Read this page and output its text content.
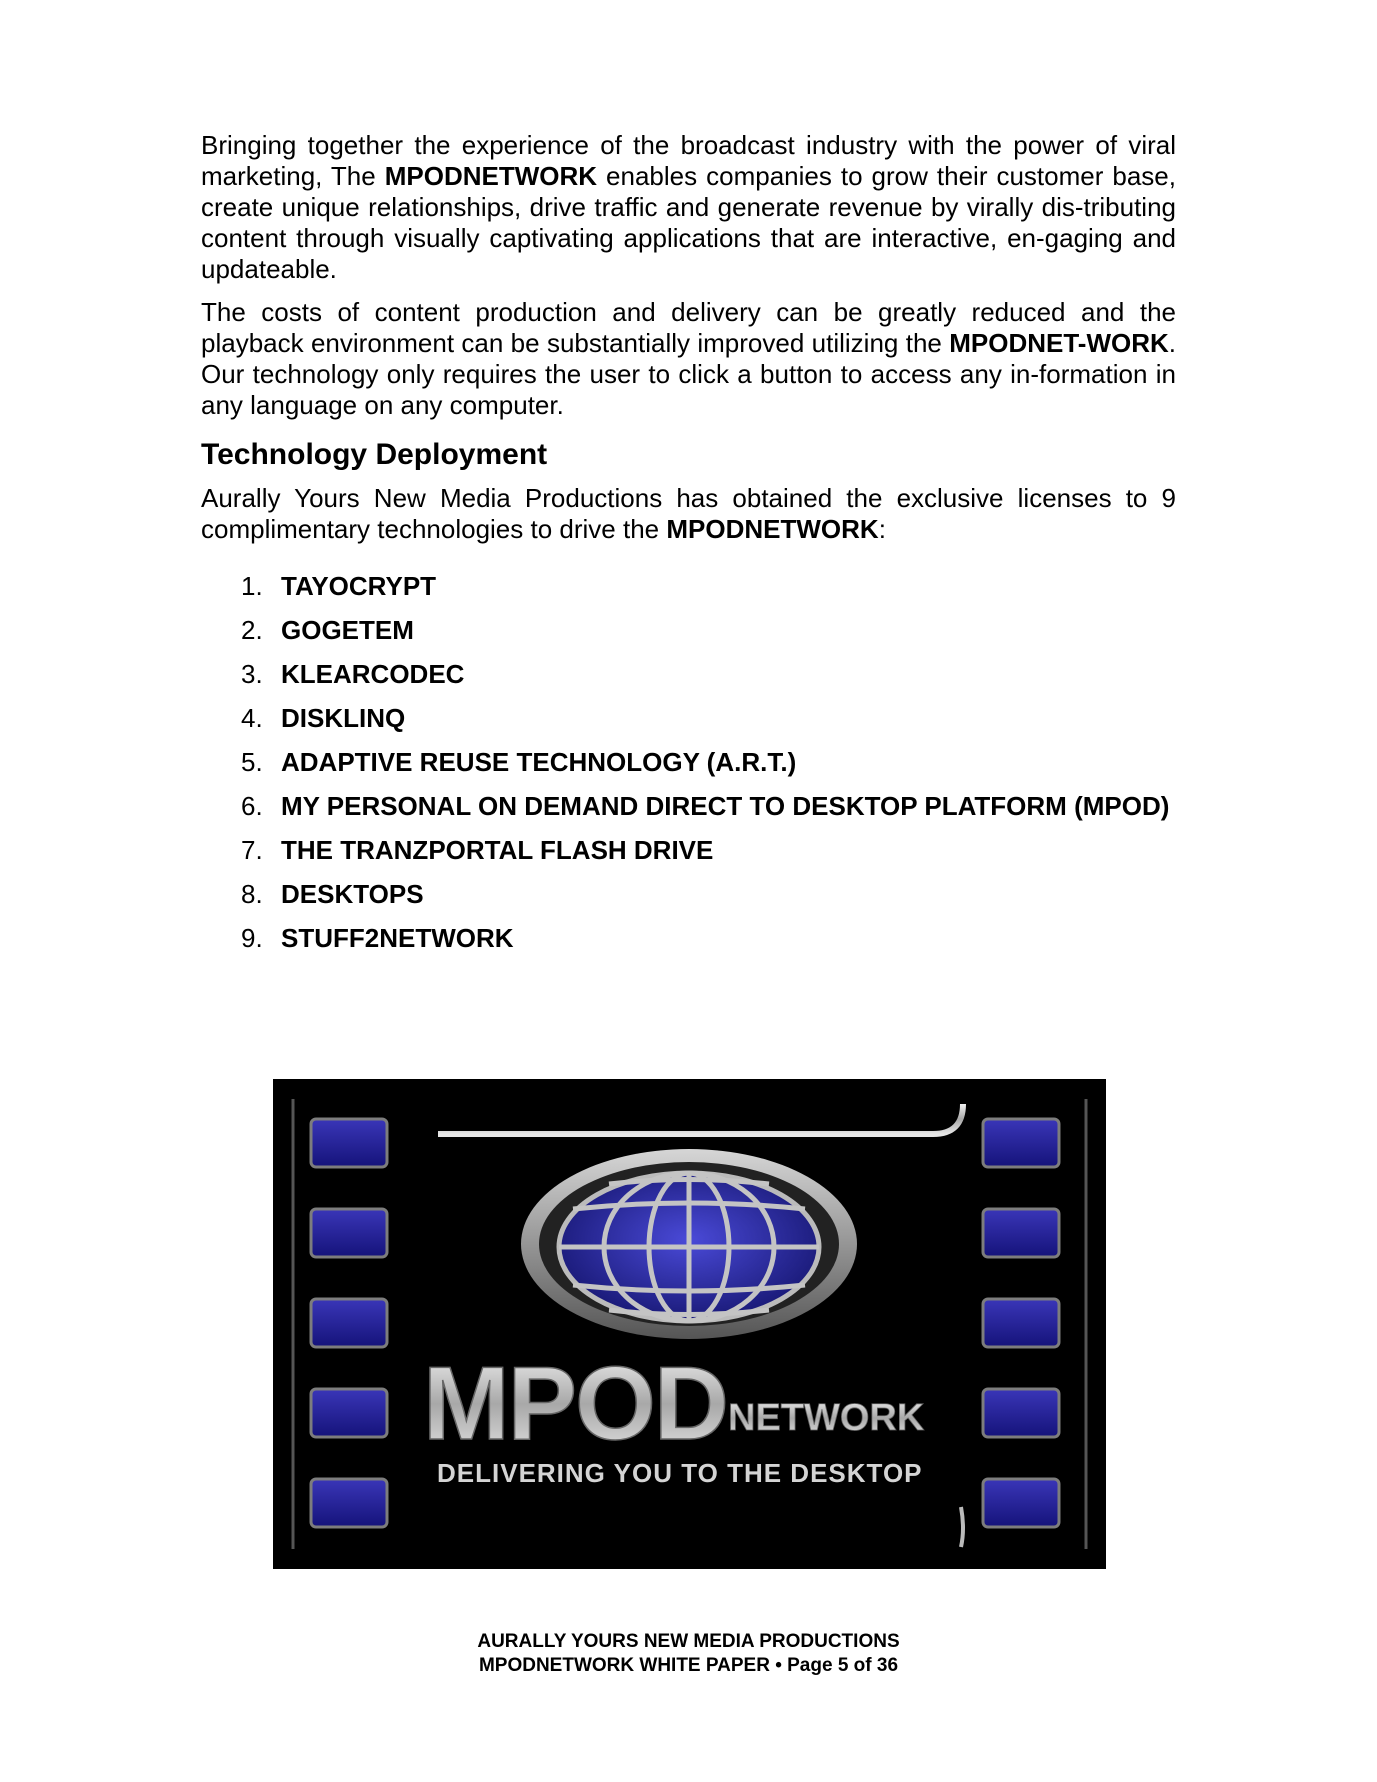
Bringing together the experience of the broadcast industry with the power of viral marketing, The MPODNETWORK enables companies to grow their customer base, create unique relationships, drive traffic and generate revenue by virally dis-tributing content through visually captivating applications that are interactive, en-gaging and updateable.

The costs of content production and delivery can be greatly reduced and the playback environment can be substantially improved utilizing the MPODNET-WORK. Our technology only requires the user to click a button to access any in-formation in any language on any computer.

Technology Deployment

Aurally Yours New Media Productions has obtained the exclusive licenses to 9 complimentary technologies to drive the MPODNETWORK:

1. TAYOCRYPT
2. GOGETEM
3. KLEARCODEC
4. DISKLINQ
5. ADAPTIVE REUSE TECHNOLOGY (A.R.T.)
6. MY PERSONAL ON DEMAND DIRECT TO DESKTOP PLATFORM (MPOD)
7. THE TRANZPORTAL FLASH DRIVE
8. DESKTOPS
9. STUFF2NETWORK
MPOD NETWORK
DELIVERING YOU TO THE DESKTOP
AURALLY YOURS NEW MEDIA PRODUCTIONS
MPODNETWORK WHITE PAPER • Page 5 of 36
